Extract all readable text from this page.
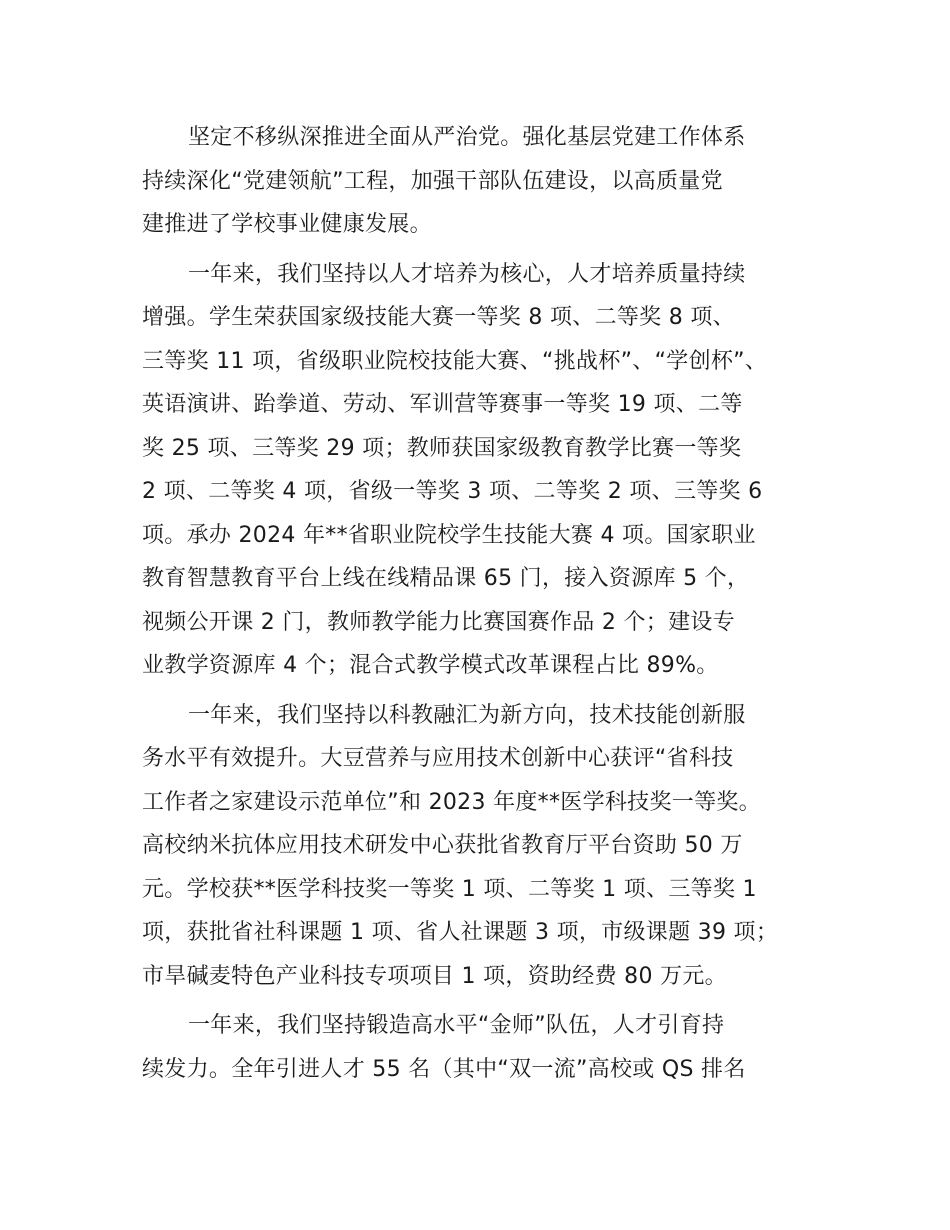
坚定不移纵深推进全面从严治党。强化基层党建工作体系
持续深化“党建领航”工程，加强干部队伍建设，以高质量党
建推进了学校事业健康发展。

一年来，我们坚持以人才培养为核心，人才培养质量持续
增强。学生荣获国家级技能大赛一等奖 8 项、二等奖 8 项、
三等奖 11 项，省级职业院校技能大赛、“挑战杯”、“学创杯”、
英语演讲、跆拳道、劳动、军训营等赛事一等奖 19 项、二等
奖 25 项、三等奖 29 项；教师获国家级教育教学比赛一等奖
2 项、二等奖 4 项，省级一等奖 3 项、二等奖 2 项、三等奖 6
项。承办 2024 年**省职业院校学生技能大赛 4 项。国家职业
教育智慧教育平台上线在线精品课 65 门，接入资源库 5 个，
视频公开课 2 门，教师教学能力比赛国赛作品 2 个；建设专
业教学资源库 4 个；混合式教学模式改革课程占比 89%。

一年来，我们坚持以科教融汇为新方向，技术技能创新服
务水平有效提升。大豆营养与应用技术创新中心获评“省科技
工作者之家建设示范单位”和 2023 年度**医学科技奖一等奖。
高校纳米抗体应用技术研发中心获批省教育厅平台资助 50 万
元。学校获**医学科技奖一等奖 1 项、二等奖 1 项、三等奖 1
项，获批省社科课题 1 项、省人社课题 3 项，市级课题 39 项；
市旱碱麦特色产业科技专项项目 1 项，资助经费 80 万元。

一年来，我们坚持锻造高水平“金师”队伍，人才引育持
续发力。全年引进人才 55 名（其中“双一流”高校或 QS 排名
